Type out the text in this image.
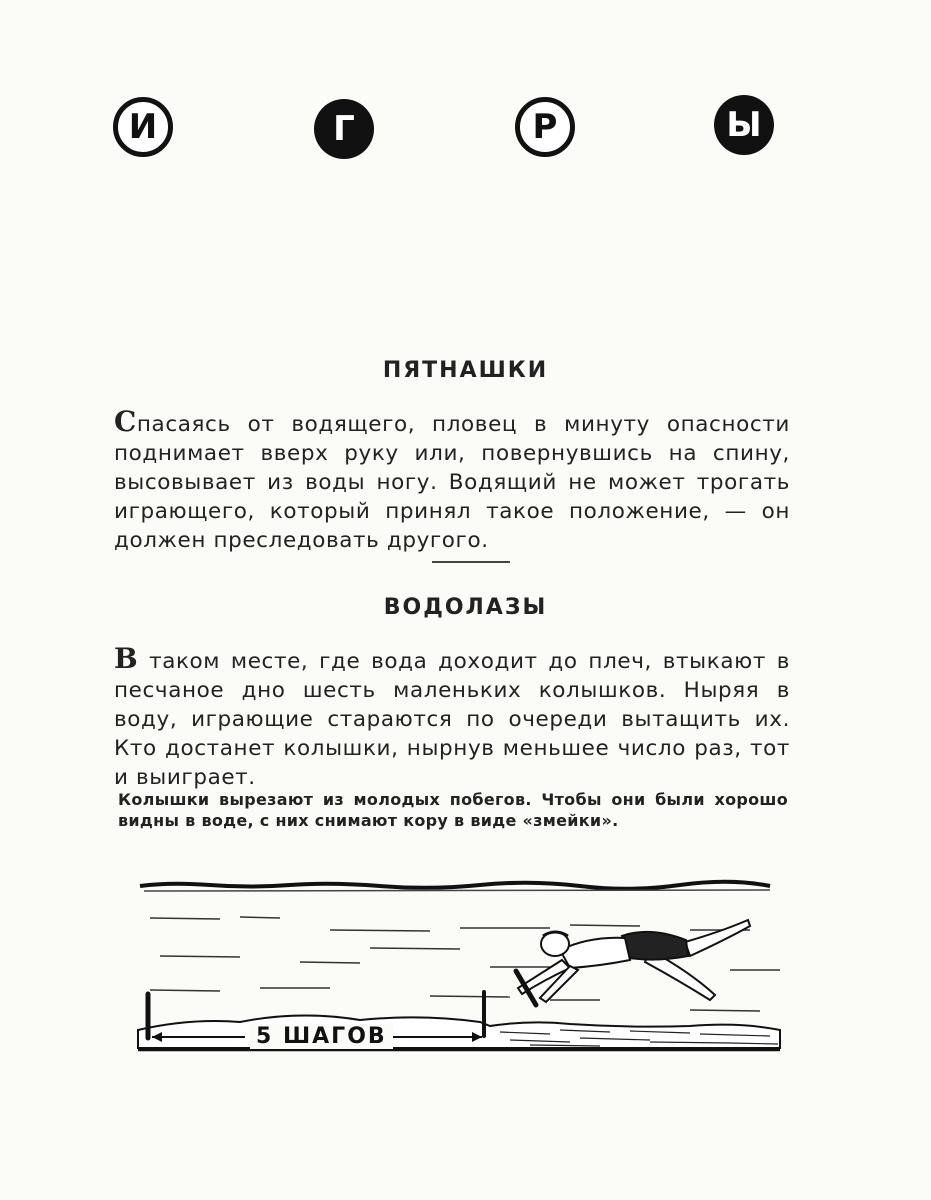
И	Г	Р	Ы
ПЯТНАШКИ
Спасаясь от водящего, пловец в минуту опасности поднимает вверх руку или, повернувшись на спину, высовывает из воды ногу. Водящий не может трогать играющего, который принял такое положение, — он должен преследовать другого.
ВОДОЛАЗЫ
В таком месте, где вода доходит до плеч, втыкают в песчаное дно шесть маленьких колышков. Ныряя в воду, играющие стараются по очереди вытащить их. Кто достанет колышки, нырнув меньшее число раз, тот и выиграет.
Колышки вырезают из молодых побегов. Чтобы они были хорошо видны в воде, с них снимают кору в виде «змейки».
5 ШАГОВ
